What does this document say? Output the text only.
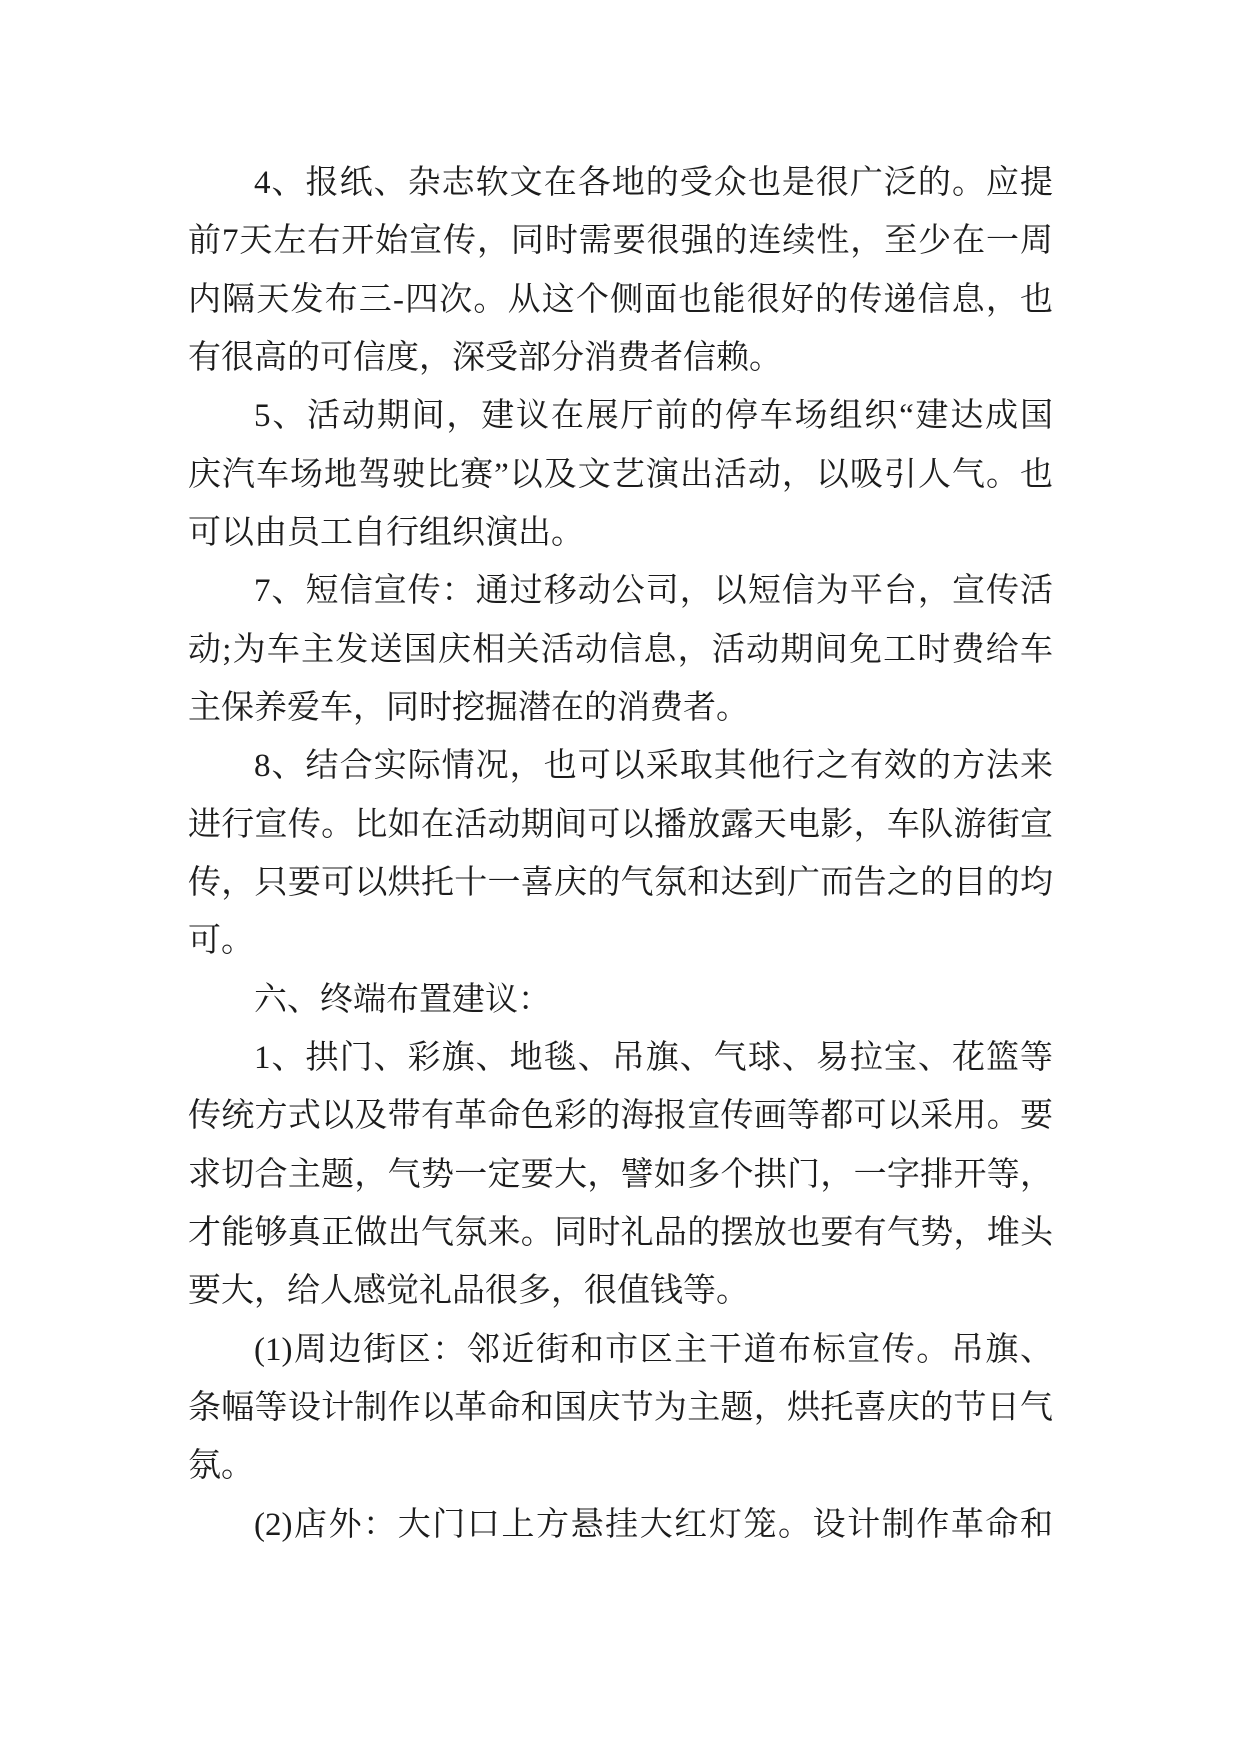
4、报纸、杂志软文在各地的受众也是很广泛的。应提
前7天左右开始宣传，同时需要很强的连续性，至少在一周
内隔天发布三-四次。从这个侧面也能很好的传递信息，也
有很高的可信度，深受部分消费者信赖。
5、活动期间，建议在展厅前的停车场组织“建达成国
庆汽车场地驾驶比赛”以及文艺演出活动，以吸引人气。也
可以由员工自行组织演出。
7、短信宣传：通过移动公司，以短信为平台，宣传活
动;为车主发送国庆相关活动信息，活动期间免工时费给车
主保养爱车，同时挖掘潜在的消费者。
8、结合实际情况，也可以采取其他行之有效的方法来
进行宣传。比如在活动期间可以播放露天电影，车队游街宣
传，只要可以烘托十一喜庆的气氛和达到广而告之的目的均
可。
六、终端布置建议：
1、拱门、彩旗、地毯、吊旗、气球、易拉宝、花篮等
传统方式以及带有革命色彩的海报宣传画等都可以采用。要
求切合主题，气势一定要大，譬如多个拱门，一字排开等，
才能够真正做出气氛来。同时礼品的摆放也要有气势，堆头
要大，给人感觉礼品很多，很值钱等。
(1)周边街区：邻近街和市区主干道布标宣传。吊旗、
条幅等设计制作以革命和国庆节为主题，烘托喜庆的节日气
氛。
(2)店外：大门口上方悬挂大红灯笼。设计制作革命和
